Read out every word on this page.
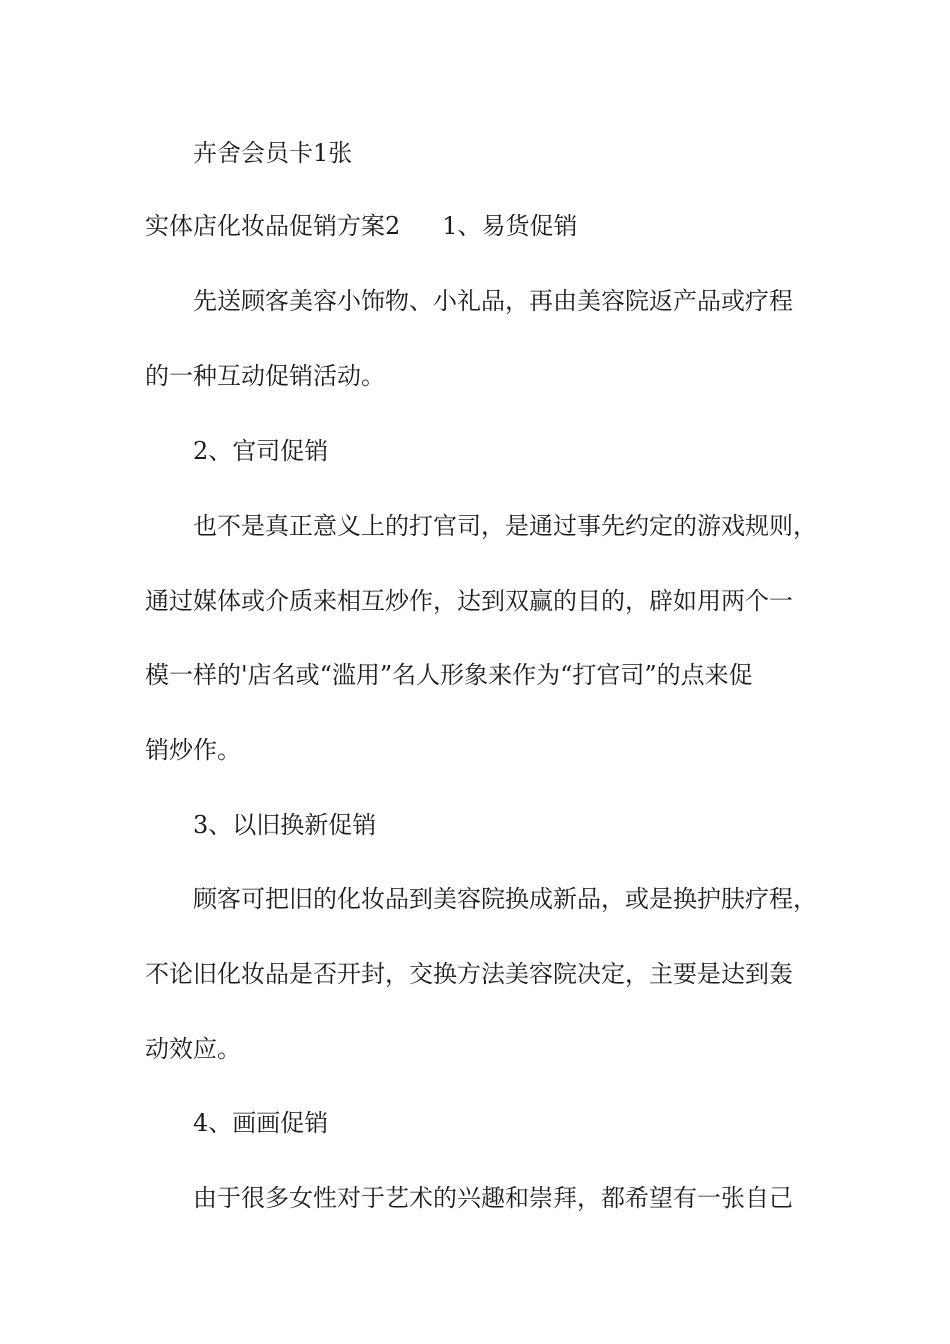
卉舍会员卡1张
实体店化妆品促销方案2 1、易货促销
先送顾客美容小饰物、小礼品，再由美容院返产品或疗程
的一种互动促销活动。
2、官司促销
也不是真正意义上的打官司，是通过事先约定的游戏规则，
通过媒体或介质来相互炒作，达到双赢的目的，辟如用两个一
模一样的'店名或“滥用”名人形象来作为“打官司”的点来促
销炒作。
3、以旧换新促销
顾客可把旧的化妆品到美容院换成新品，或是换护肤疗程，
不论旧化妆品是否开封，交换方法美容院决定，主要是达到轰
动效应。
4、画画促销
由于很多女性对于艺术的兴趣和崇拜，都希望有一张自己
